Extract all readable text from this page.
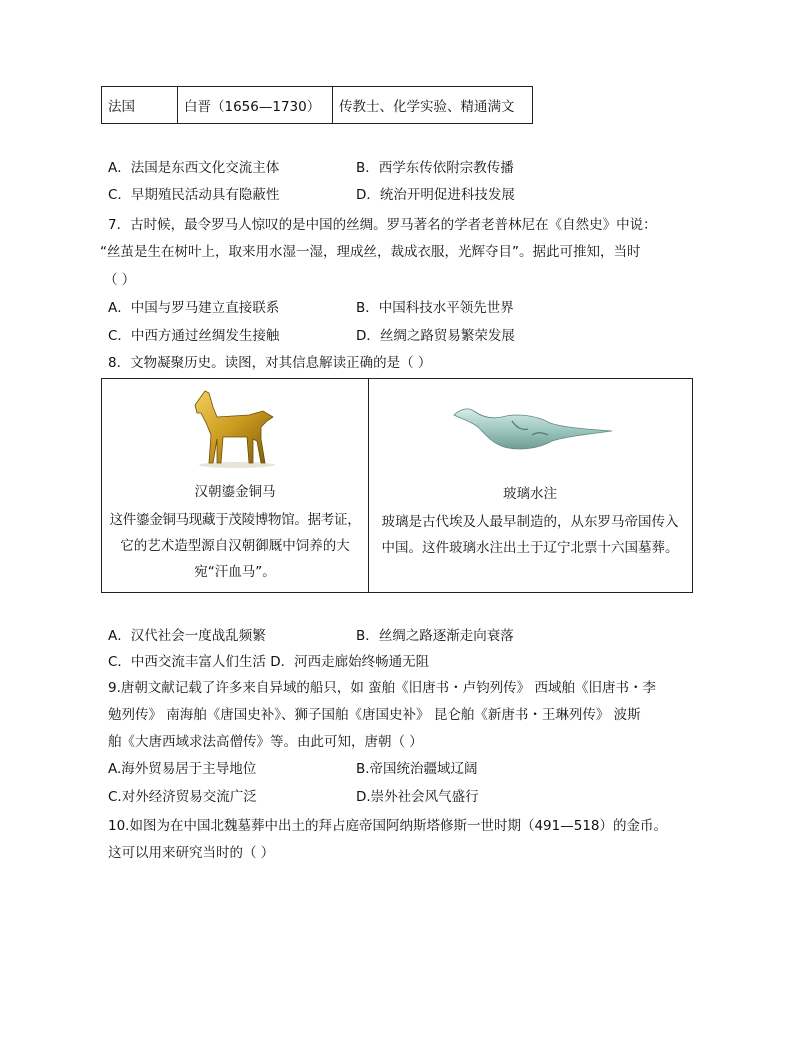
法国	白晋（1656—1730）	传教士、化学实验、精通满文
A．法国是东西文化交流主体	B．西学东传依附宗教传播
C．早期殖民活动具有隐蔽性	D．统治开明促进科技发展
7．古时候，最令罗马人惊叹的是中国的丝绸。罗马著名的学者老普林尼在《自然史》中说：
“丝茧是生在树叶上，取来用水湿一湿，理成丝，裁成衣服，光辉夺目”。据此可推知，当时
（ ）
A．中国与罗马建立直接联系	B．中国科技水平领先世界
C．中西方通过丝绸发生接触	D．丝绸之路贸易繁荣发展
8．文物凝聚历史。读图，对其信息解读正确的是（ ）
汉朝鎏金铜马
这件鎏金铜马现藏于茂陵博物馆。据考证，
它的艺术造型源自汉朝御厩中饲养的大
宛“汗血马”。
玻璃水注
玻璃是古代埃及人最早制造的，从东罗马帝国传入
中国。这件玻璃水注出土于辽宁北票十六国墓葬。
A．汉代社会一度战乱频繁	B．丝绸之路逐渐走向衰落
C．中西交流丰富人们生活 D．河西走廊始终畅通无阻
9.唐朝文献记载了许多来自异域的船只，如 蛮舶《旧唐书・卢钧列传》 西域舶《旧唐书・李
勉列传》 南海舶《唐国史补》、狮子国舶《唐国史补》 昆仑舶《新唐书・王琳列传》 波斯
舶《大唐西域求法高僧传》等。由此可知，唐朝（ ）
A.海外贸易居于主导地位	B.帝国统治疆域辽阔
C.对外经济贸易交流广泛	D.崇外社会风气盛行
10.如图为在中国北魏墓葬中出土的拜占庭帝国阿纳斯塔修斯一世时期（491—518）的金币。
这可以用来研究当时的（ ）
